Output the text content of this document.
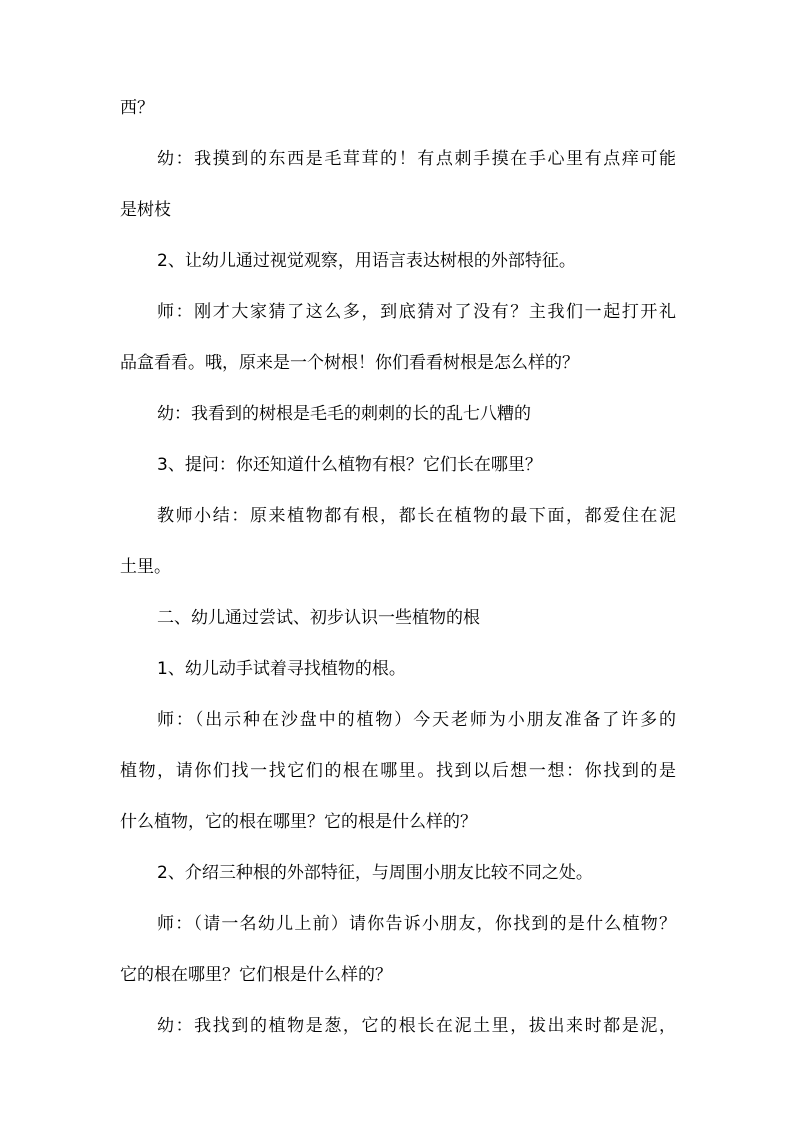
西？
幼：我摸到的东西是毛茸茸的！有点刺手摸在手心里有点痒可能
是树枝
2、让幼儿通过视觉观察，用语言表达树根的外部特征。
师：刚才大家猜了这么多，到底猜对了没有？主我们一起打开礼
品盒看看。哦，原来是一个树根！你们看看树根是怎么样的？
幼：我看到的树根是毛毛的刺刺的长的乱七八糟的
3、提问：你还知道什么植物有根？它们长在哪里？
教师小结：原来植物都有根，都长在植物的最下面，都爱住在泥
土里。
二、幼儿通过尝试、初步认识一些植物的根
1、幼儿动手试着寻找植物的根。
师：（出示种在沙盘中的植物）今天老师为小朋友准备了许多的
植物，请你们找一找它们的根在哪里。找到以后想一想：你找到的是
什么植物，它的根在哪里？它的根是什么样的？
2、介绍三种根的外部特征，与周围小朋友比较不同之处。
师：（请一名幼儿上前）请你告诉小朋友，你找到的是什么植物？
它的根在哪里？它们根是什么样的？
幼：我找到的植物是葱，它的根长在泥土里，拔出来时都是泥，
